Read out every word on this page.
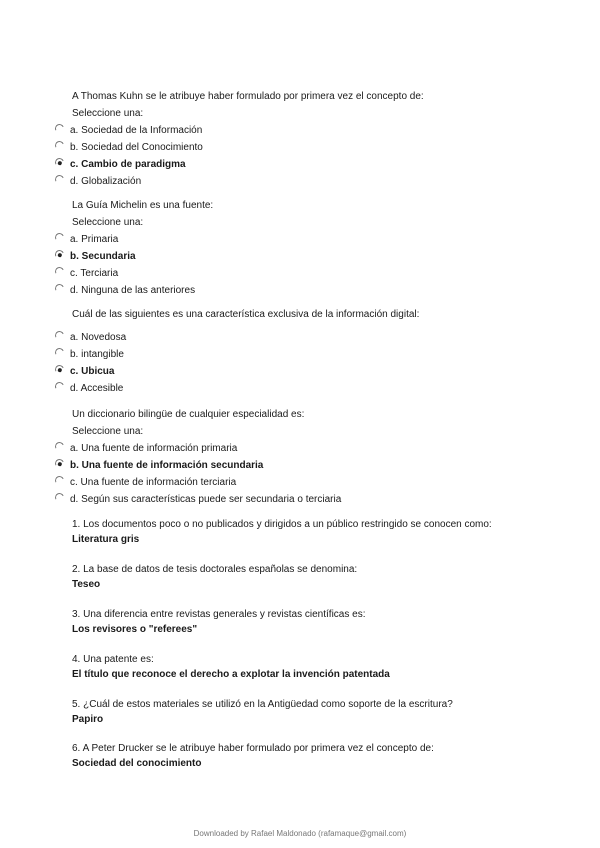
A Thomas Kuhn se le atribuye haber formulado por primera vez el concepto de:
Seleccione una:
a. Sociedad de la Información
b. Sociedad del Conocimiento
c. Cambio de paradigma
d. Globalización
La Guía Michelin es una fuente:
Seleccione una:
a. Primaria
b. Secundaria
c. Terciaria
d. Ninguna de las anteriores
Cuál de las siguientes es una característica exclusiva de la información digital:
a. Novedosa
b. intangible
c. Ubicua
d. Accesible
Un diccionario bilingüe de cualquier especialidad es:
Seleccione una:
a. Una fuente de información primaria
b. Una fuente de información secundaria
c. Una fuente de información terciaria
d. Según sus características puede ser secundaria o terciaria
1. Los documentos poco o no publicados y dirigidos a un público restringido se conocen como:
Literatura gris
2. La base de datos de tesis doctorales españolas se denomina:
Teseo
3. Una diferencia entre revistas generales y revistas científicas es:
Los revisores o "referees"
4. Una patente es:
El título que reconoce el derecho a explotar la invención patentada
5. ¿Cuál de estos materiales se utilizó en la Antigüedad como soporte de la escritura?
Papiro
6. A Peter Drucker se le atribuye haber formulado por primera vez el concepto de:
Sociedad del conocimiento
Downloaded by Rafael Maldonado (rafamaque@gmail.com)
